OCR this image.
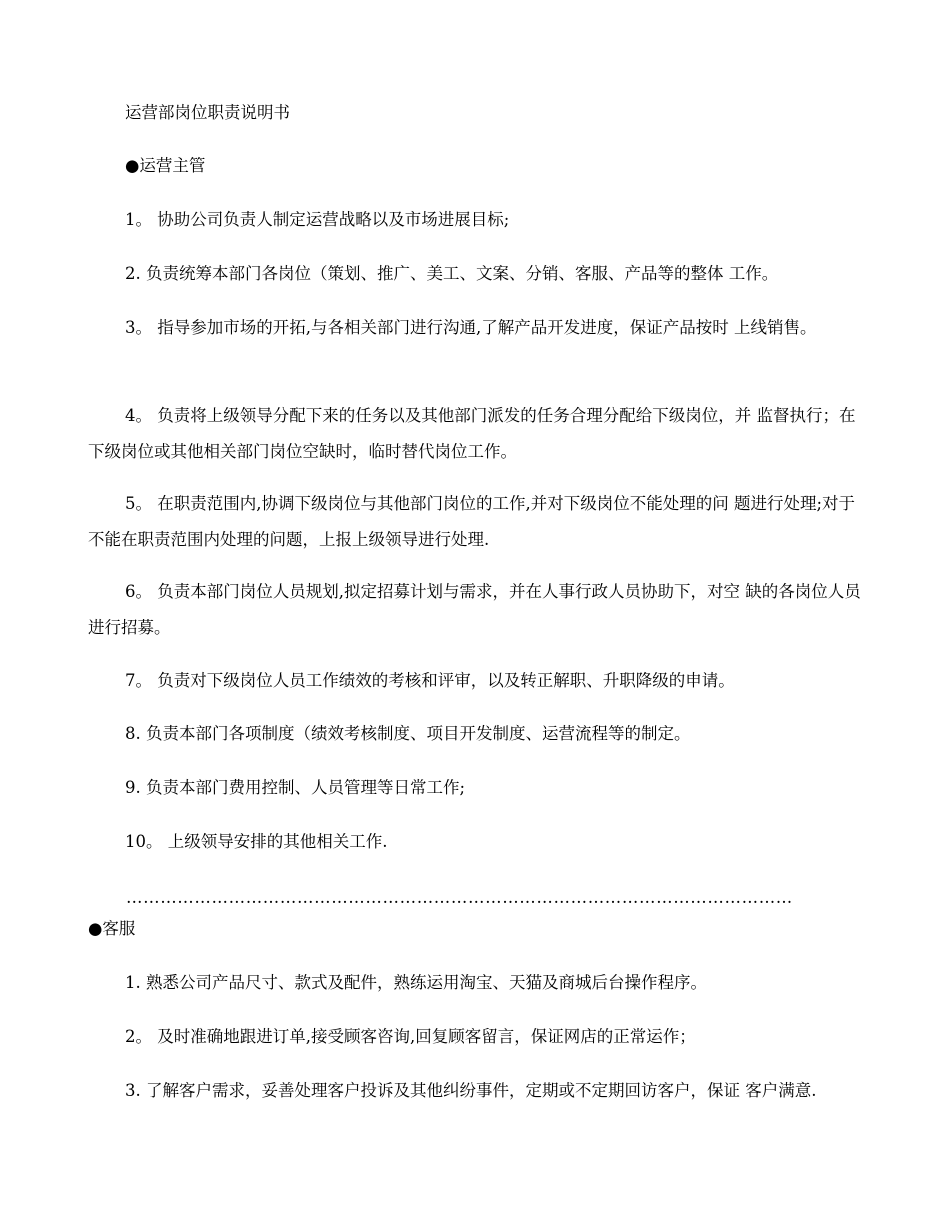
运营部岗位职责说明书

●运营主管

1。 协助公司负责人制定运营战略以及市场进展目标;

2. 负责统筹本部门各岗位（策划、推广、美工、文案、分销、客服、产品等的整体 工作。

3。 指导参加市场的开拓,与各相关部门进行沟通,了解产品开发进度，保证产品按时 上线销售。

4。 负责将上级领导分配下来的任务以及其他部门派发的任务合理分配给下级岗位，并 监督执行；在下级岗位或其他相关部门岗位空缺时，临时替代岗位工作。

5。 在职责范围内,协调下级岗位与其他部门岗位的工作,并对下级岗位不能处理的问 题进行处理;对于不能在职责范围内处理的问题，上报上级领导进行处理.

6。 负责本部门岗位人员规划,拟定招募计划与需求，并在人事行政人员协助下，对空 缺的各岗位人员进行招募。

7。 负责对下级岗位人员工作绩效的考核和评审，以及转正解职、升职降级的申请。

8. 负责本部门各项制度（绩效考核制度、项目开发制度、运营流程等的制定。

9. 负责本部门费用控制、人员管理等日常工作;

10。 上级领导安排的其他相关工作.

………………………………………………………………………………………………………

●客服

1. 熟悉公司产品尺寸、款式及配件，熟练运用淘宝、天猫及商城后台操作程序。

2。 及时准确地跟进订单,接受顾客咨询,回复顾客留言，保证网店的正常运作；

3. 了解客户需求，妥善处理客户投诉及其他纠纷事件，定期或不定期回访客户，保证 客户满意.
